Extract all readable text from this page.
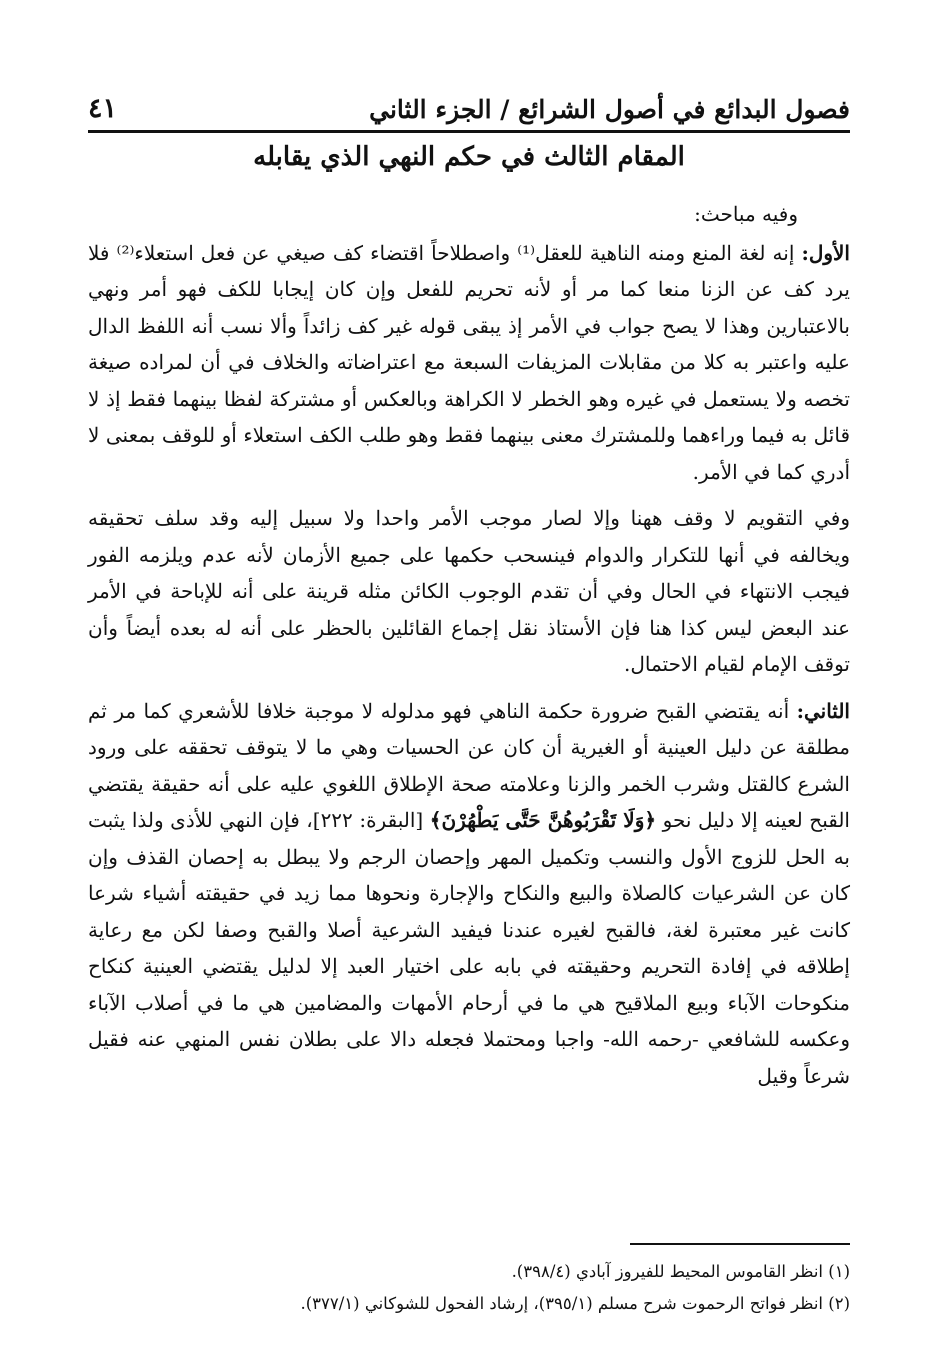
فصول البدائع في أصول الشرائع / الجزء الثاني
٤١
المقام الثالث في حكم النهي الذي يقابله

وفيه مباحث:

الأول: إنه لغة المنع ومنه الناهية للعقل⁽¹⁾ واصطلاحاً اقتضاء كف صيغي عن فعل استعلاء⁽²⁾ فلا يرد كف عن الزنا منعا كما مر أو لأنه تحريم للفعل وإن كان إيجابا للكف فهو أمر ونهي بالاعتبارين وهذا لا يصح جواب في الأمر إذ يبقى قوله غير كف زائداً وألا نسب أنه اللفظ الدال عليه واعتبر به كلا من مقابلات المزيفات السبعة مع اعتراضاته والخلاف في أن لمراده صيغة تخصه ولا يستعمل في غيره وهو الخطر لا الكراهة وبالعكس أو مشتركة لفظا بينهما فقط إذ لا قائل به فيما وراءهما وللمشترك معنى بينهما فقط وهو طلب الكف استعلاء أو للوقف بمعنى لا أدري كما في الأمر.

وفي التقويم لا وقف ههنا وإلا لصار موجب الأمر واحدا ولا سبيل إليه وقد سلف تحقيقه ويخالفه في أنها للتكرار والدوام فينسحب حكمها على جميع الأزمان لأنه عدم ويلزمه الفور فيجب الانتهاء في الحال وفي أن تقدم الوجوب الكائن مثله قرينة على أنه للإباحة في الأمر عند البعض ليس كذا هنا فإن الأستاذ نقل إجماع القائلين بالحظر على أنه له بعده أيضاً وأن توقف الإمام لقيام الاحتمال.

الثاني: أنه يقتضي القبح ضرورة حكمة الناهي فهو مدلوله لا موجبة خلافا للأشعري كما مر ثم مطلقة عن دليل العينية أو الغيرية أن كان عن الحسيات وهي ما لا يتوقف تحققه على ورود الشرع كالقتل وشرب الخمر والزنا وعلامته صحة الإطلاق اللغوي عليه على أنه حقيقة يقتضي القبح لعينه إلا دليل نحو ﴿وَلَا تَقْرَبُوهُنَّ حَتَّى يَطْهُرْنَ﴾ [البقرة: ٢٢٢]، فإن النهي للأذى ولذا يثبت به الحل للزوج الأول والنسب وتكميل المهر وإحصان الرجم ولا يبطل به إحصان القذف وإن كان عن الشرعيات كالصلاة والبيع والنكاح والإجارة ونحوها مما زيد في حقيقته أشياء شرعا كانت غير معتبرة لغة، فالقبح لغيره عندنا فيفيد الشرعية أصلا والقبح وصفا لكن مع رعاية إطلاقه في إفادة التحريم وحقيقته في بابه على اختيار العبد إلا لدليل يقتضي العينية كنكاح منكوحات الآباء وبيع الملاقيح هي ما في أرحام الأمهات والمضامين هي ما في أصلاب الآباء وعكسه للشافعي -رحمه الله- واجبا ومحتملا فجعله دالا على بطلان نفس المنهي عنه فقيل شرعاً وقيل

(١) انظر القاموس المحيط للفيروز آبادي (٣٩٨/٤).

(٢) انظر فواتح الرحموت شرح مسلم (٣٩٥/١)، إرشاد الفحول للشوكاني (٣٧٧/١).
